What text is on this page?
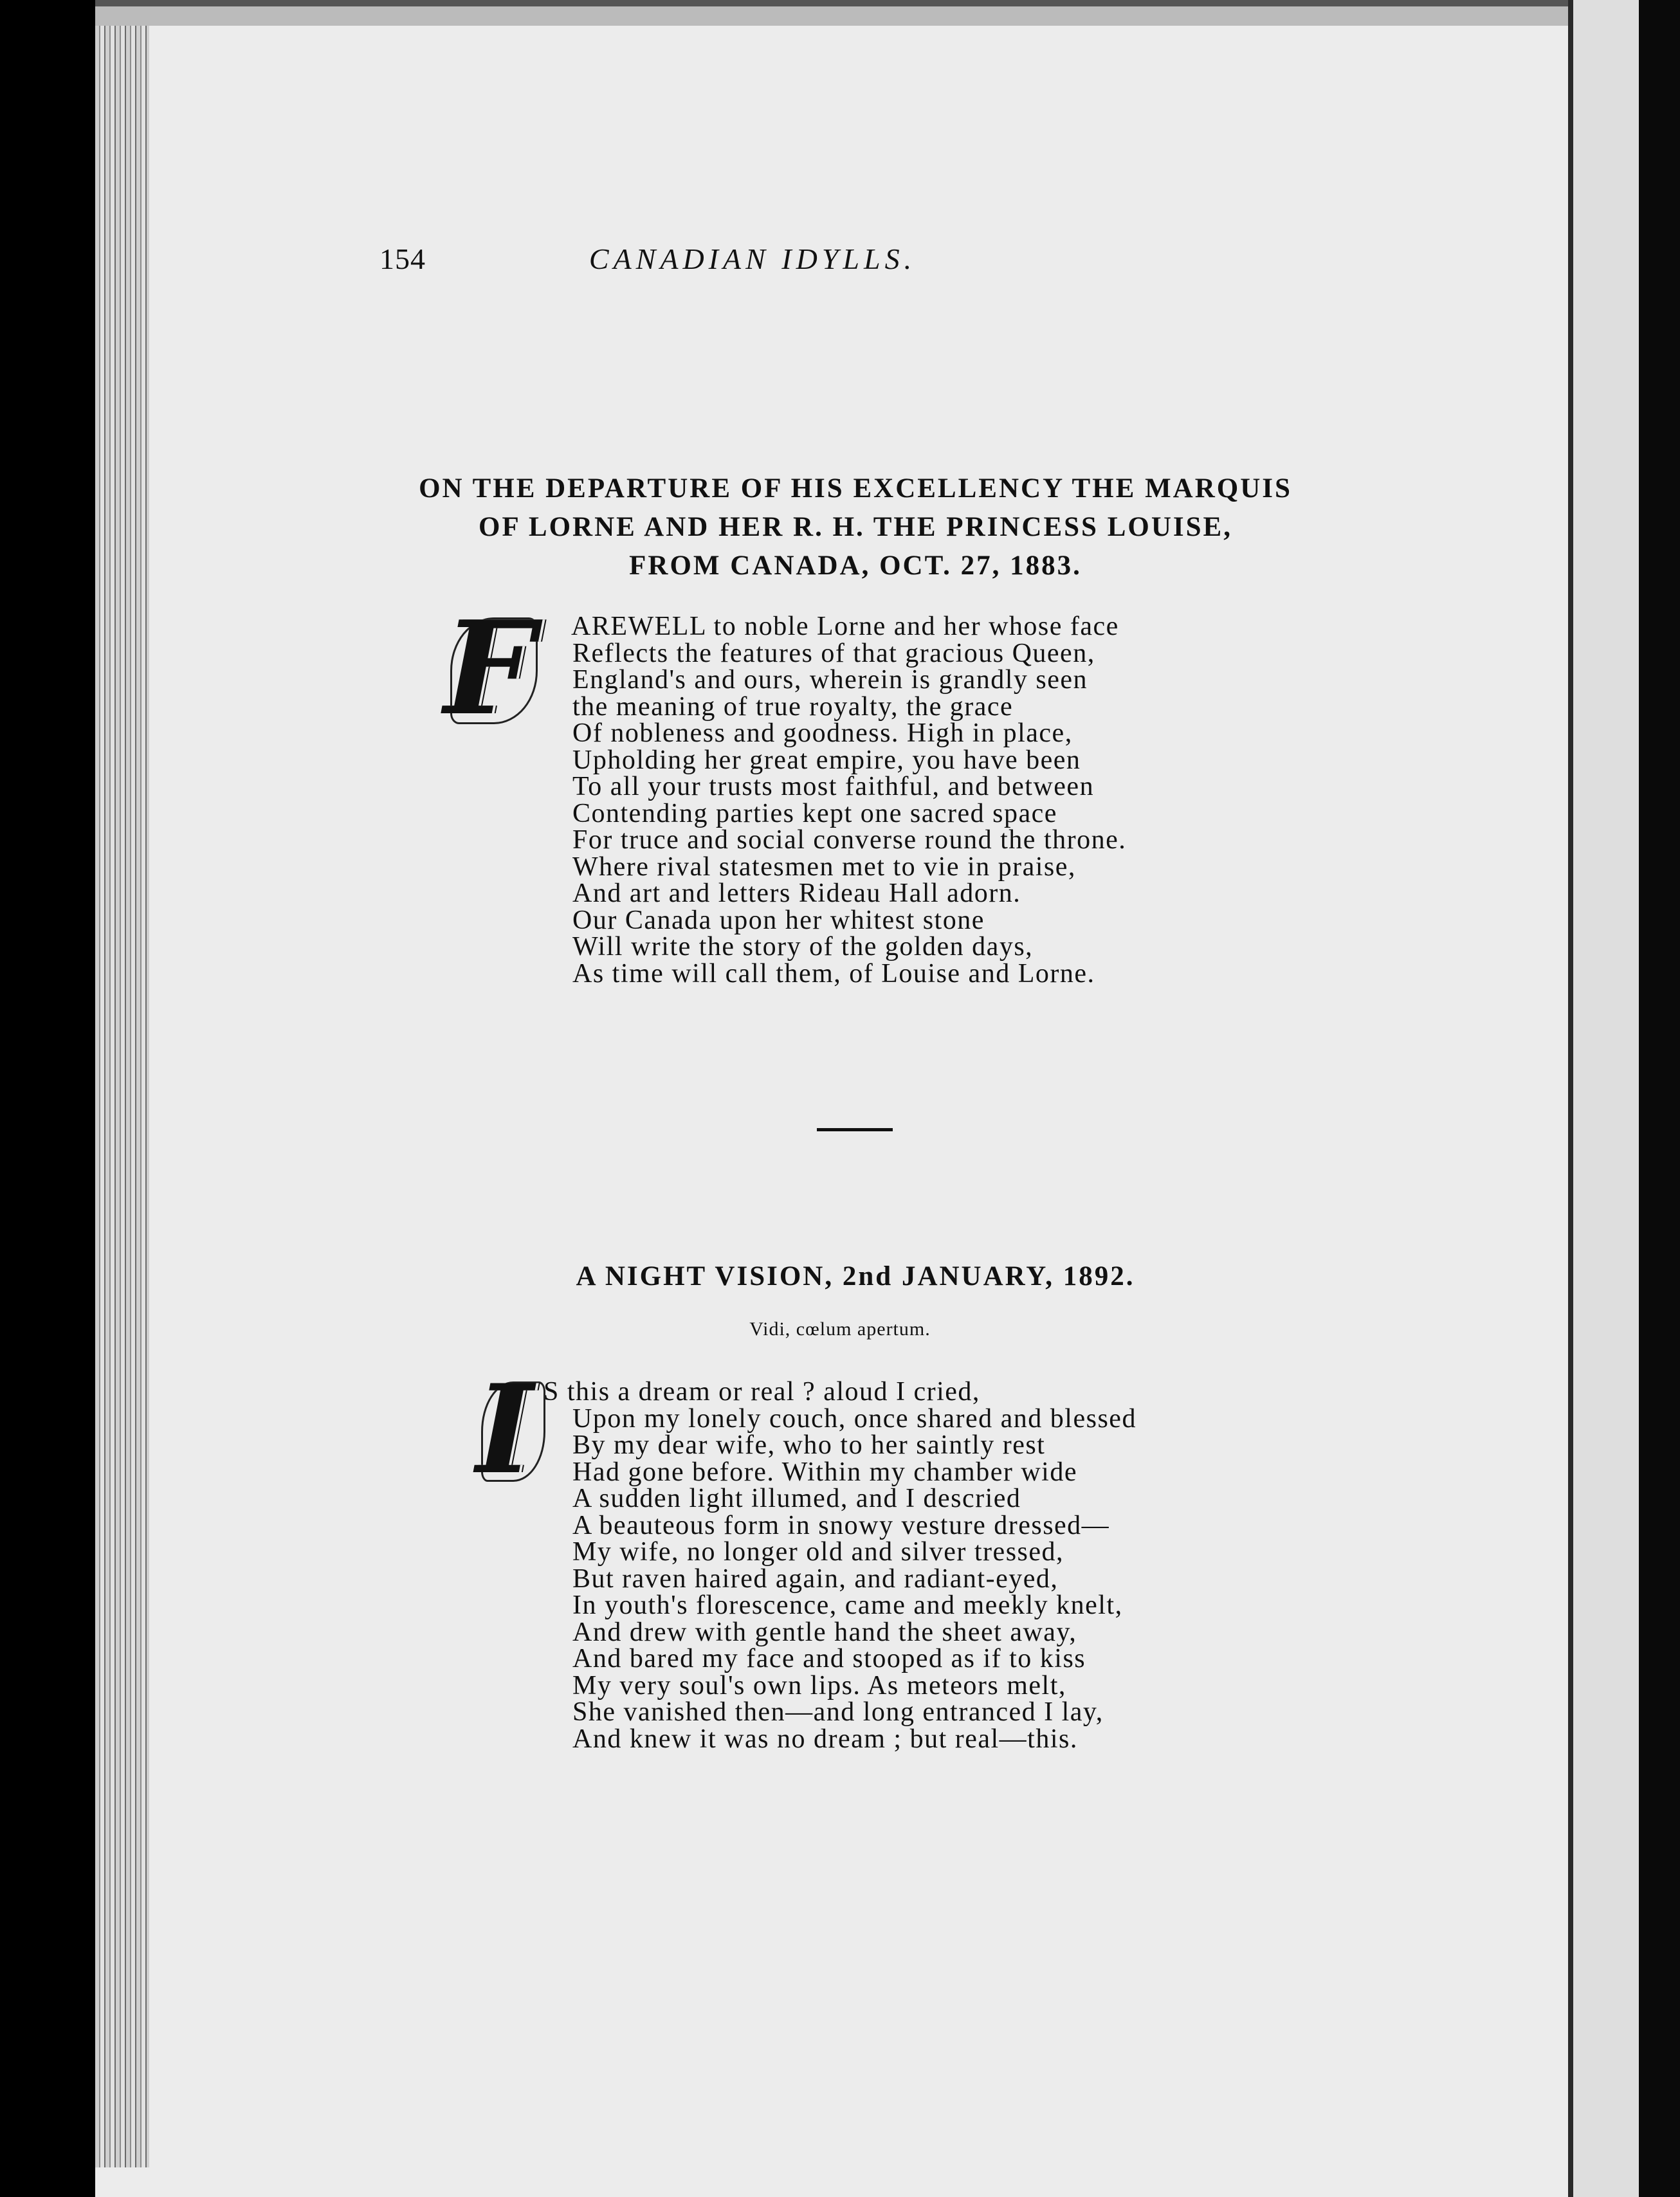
154	CANADIAN IDYLLS.
ON THE DEPARTURE OF HIS EXCELLENCY THE MARQUIS
OF LORNE AND HER R. H. THE PRINCESS LOUISE,
FROM CANADA, OCT. 27, 1883.
F AREWELL to noble Lorne and her whose face
Reflects the features of that gracious Queen,
England's and ours, wherein is grandly seen
the meaning of true royalty, the grace
Of nobleness and goodness. High in place,
Upholding her great empire, you have been
To all your trusts most faithful, and between
Contending parties kept one sacred space
For truce and social converse round the throne.
Where rival statesmen met to vie in praise,
And art and letters Rideau Hall adorn.
Our Canada upon her whitest stone
Will write the story of the golden days,
As time will call them, of Louise and Lorne.
A NIGHT VISION, 2nd JANUARY, 1892.
Vidi, cœlum apertum.
I S this a dream or real ? aloud I cried,
Upon my lonely couch, once shared and blessed
By my dear wife, who to her saintly rest
Had gone before. Within my chamber wide
A sudden light illumed, and I descried
A beauteous form in snowy vesture dressed—
My wife, no longer old and silver tressed,
But raven haired again, and radiant-eyed,
In youth's florescence, came and meekly knelt,
And drew with gentle hand the sheet away,
And bared my face and stooped as if to kiss
My very soul's own lips. As meteors melt,
She vanished then—and long entranced I lay,
And knew it was no dream ; but real—this.
